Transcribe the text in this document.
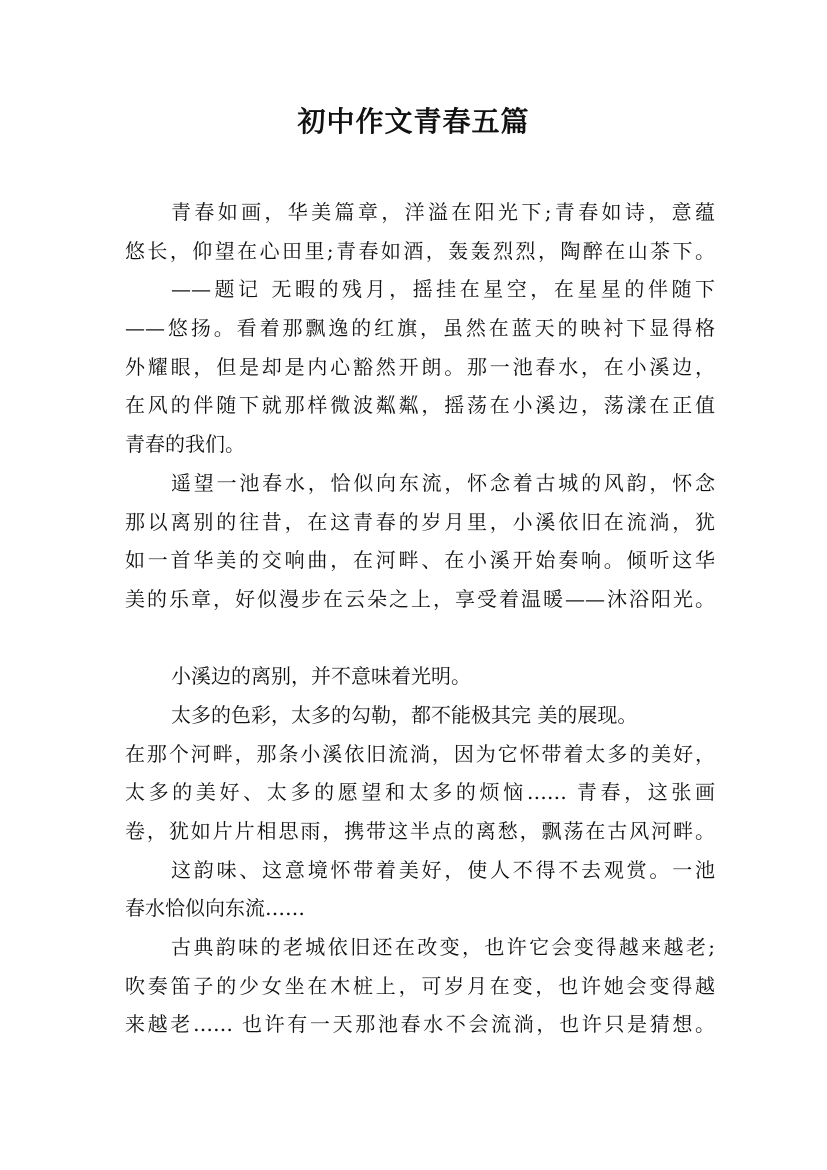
初中作文青春五篇
青春如画，华美篇章，洋溢在阳光下;青春如诗，意蕴
悠长，仰望在心田里;青春如酒，轰轰烈烈，陶醉在山茶下。
——题记 无暇的残月，摇挂在星空，在星星的伴随下
——悠扬。看着那飘逸的红旗，虽然在蓝天的映衬下显得格
外耀眼，但是却是内心豁然开朗。那一池春水，在小溪边，
在风的伴随下就那样微波粼粼，摇荡在小溪边，荡漾在正值
青春的我们。
遥望一池春水，恰似向东流，怀念着古城的风韵，怀念
那以离别的往昔，在这青春的岁月里，小溪依旧在流淌，犹
如一首华美的交响曲，在河畔、在小溪开始奏响。倾听这华
美的乐章，好似漫步在云朵之上，享受着温暖——沐浴阳光。
小溪边的离别，并不意味着光明。
太多的色彩，太多的勾勒，都不能极其完 美的展现。
在那个河畔，那条小溪依旧流淌，因为它怀带着太多的美好，
太多的美好、太多的愿望和太多的烦恼…… 青春，这张画
卷，犹如片片相思雨，携带这半点的离愁，飘荡在古风河畔。
这韵味、这意境怀带着美好，使人不得不去观赏。一池
春水恰似向东流……
古典韵味的老城依旧还在改变，也许它会变得越来越老;
吹奏笛子的少女坐在木桩上，可岁月在变，也许她会变得越
来越老…… 也许有一天那池春水不会流淌，也许只是猜想。
